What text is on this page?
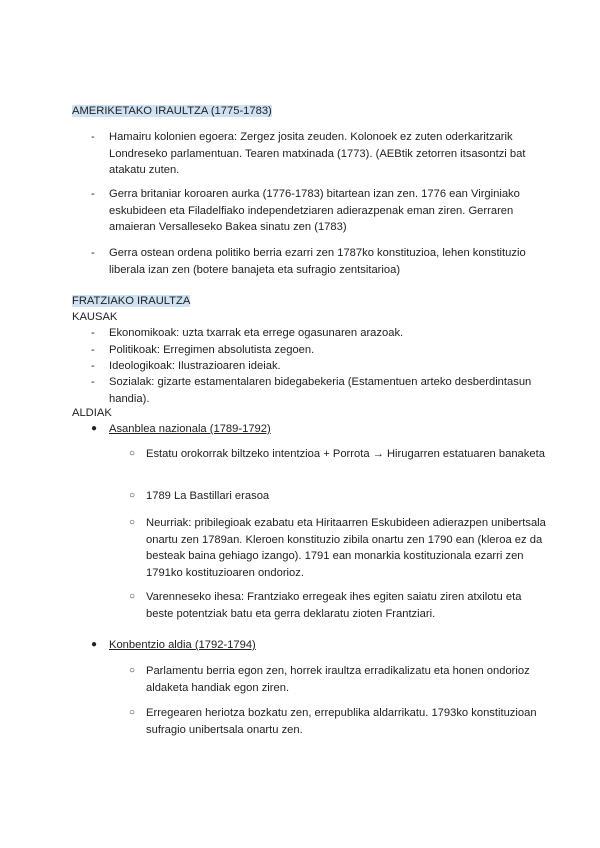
AMERIKETAKO IRAULTZA (1775-1783)
- Hamairu kolonien egoera: Zergez josita zeuden. Kolonoek ez zuten oderkaritzarik Londreseko parlamentuan. Tearen matxinada (1773). (AEBtik zetorren itsasontzi bat atakatu zuten.
- Gerra britaniar koroaren aurka (1776-1783) bitartean izan zen. 1776 ean Virginiako eskubideen eta Filadelfiako independetziaren adierazpenak eman ziren. Gerraren amaieran Versalleseko Bakea sinatu zen (1783)
- Gerra ostean ordena politiko berria ezarri zen 1787ko konstituzioa, lehen konstituzio liberala izan zen (botere banajeta eta sufragio zentsitarioa)
FRATZIAKO IRAULTZA
KAUSAK
- Ekonomikoak: uzta txarrak eta errege ogasunaren arazoak.
- Politikoak: Erregimen absolutista zegoen.
- Ideologikoak: Ilustrazioaren ideiak.
- Sozialak: gizarte estamentalaren bidegabekeria (Estamentuen arteko desberdintasun handia).
ALDIAK
● Asanblea nazionala (1789-1792)
○ Estatu orokorrak biltzeko intentzioa + Porrota → Hirugarren estatuaren banaketa
○ 1789 La Bastillari erasoa
○ Neurriak: pribilegioak ezabatu eta Hiritaarren Eskubideen adierazpen unibertsala onartu zen 1789an. Kleroen konstituzio zibila onartu zen 1790 ean (kleroa ez da besteak baina gehiago izango). 1791 ean monarkia kostituzionala ezarri zen 1791ko kostituzioaren ondorioz.
○ Varenneseko ihesa: Frantziako erregeak ihes egiten saiatu ziren atxilotu eta beste potentziak batu eta gerra deklaratu zioten Frantziari.
● Konbentzio aldia (1792-1794)
○ Parlamentu berria egon zen, horrek iraultza erradikalizatu eta honen ondorioz aldaketa handiak egon ziren.
○ Erregearen heriotza bozkatu zen, errepublika aldarrikatu. 1793ko konstituzioan sufragio unibertsala onartu zen.
